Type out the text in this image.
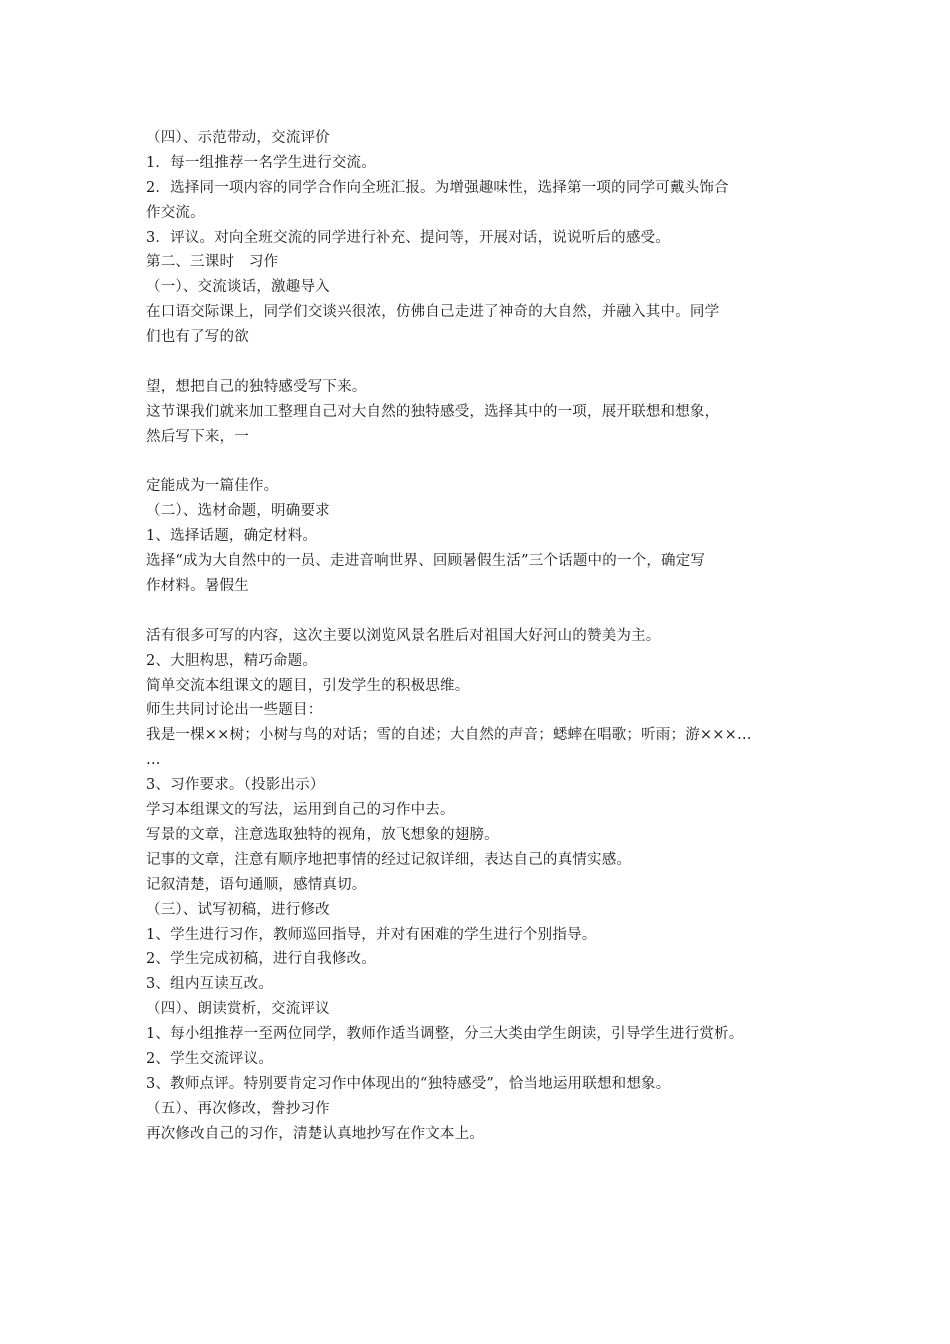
（四）、示范带动，交流评价
1．每一组推荐一名学生进行交流。
2．选择同一项内容的同学合作向全班汇报。为增强趣味性，选择第一项的同学可戴头饰合
作交流。
3．评议。对向全班交流的同学进行补充、提问等，开展对话，说说听后的感受。
第二、三课时　习作
（一）、交流谈话，激趣导入
在口语交际课上，同学们交谈兴很浓，仿佛自己走进了神奇的大自然，并融入其中。同学
们也有了写的欲
望，想把自己的独特感受写下来。
这节课我们就来加工整理自己对大自然的独特感受，选择其中的一项，展开联想和想象，
然后写下来，一
定能成为一篇佳作。
（二）、选材命题，明确要求
1、选择话题，确定材料。
选择“成为大自然中的一员、走进音响世界、回顾暑假生活”三个话题中的一个，确定写
作材料。暑假生
活有很多可写的内容，这次主要以浏览风景名胜后对祖国大好河山的赞美为主。
2、大胆构思，精巧命题。
简单交流本组课文的题目，引发学生的积极思维。
师生共同讨论出一些题目：
我是一棵××树；小树与鸟的对话；雪的自述；大自然的声音；蟋蟀在唱歌；听雨；游×××…
…
3、习作要求。（投影出示）
学习本组课文的写法，运用到自己的习作中去。
写景的文章，注意选取独特的视角，放飞想象的翅膀。
记事的文章，注意有顺序地把事情的经过记叙详细，表达自己的真情实感。
记叙清楚，语句通顺，感情真切。
（三）、试写初稿，进行修改
1、学生进行习作，教师巡回指导，并对有困难的学生进行个别指导。
2、学生完成初稿，进行自我修改。
3、组内互读互改。
（四）、朗读赏析，交流评议
1、每小组推荐一至两位同学，教师作适当调整，分三大类由学生朗读，引导学生进行赏析。
2、学生交流评议。
3、教师点评。特别要肯定习作中体现出的“独特感受”，恰当地运用联想和想象。
（五）、再次修改，誊抄习作
再次修改自己的习作，清楚认真地抄写在作文本上。
